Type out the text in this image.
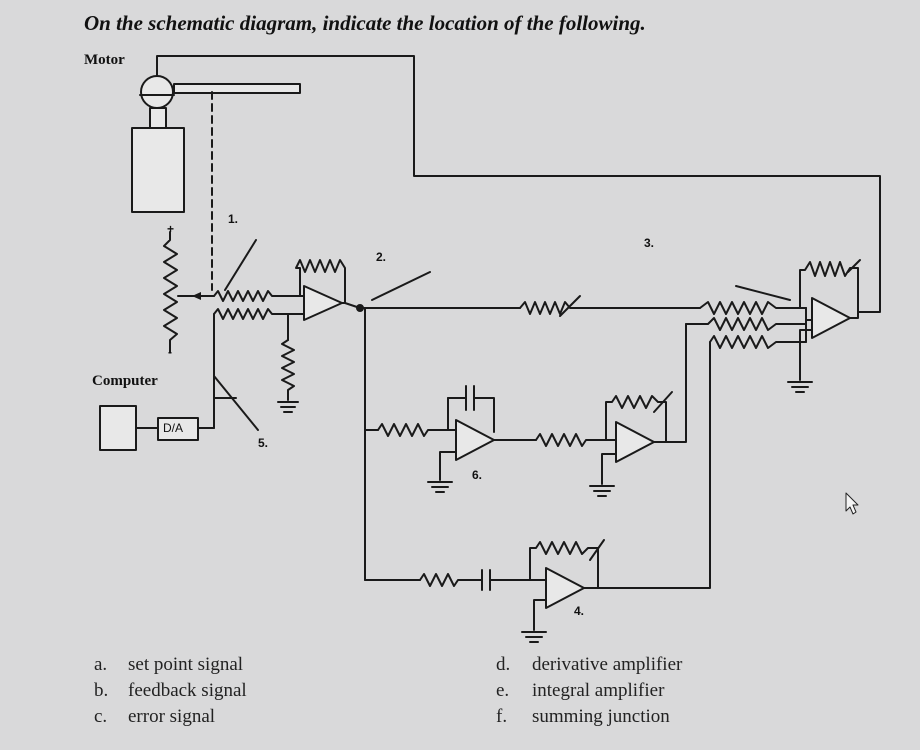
On the schematic diagram, indicate the location of the following.
Motor
Computer
D/A
+
-
1.
2.
3.
4.
5.
6.
a. set point signal
b. feedback signal
c. error signal
d. derivative amplifier
e. integral amplifier
f. summing junction
